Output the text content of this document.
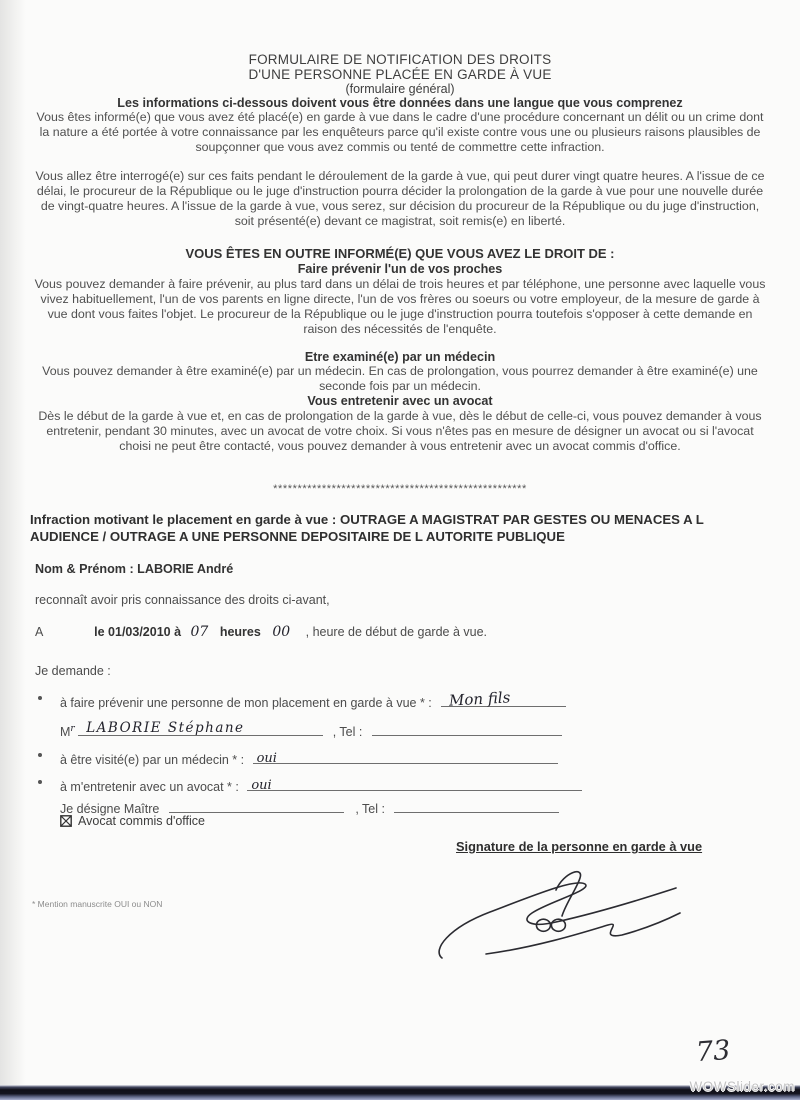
FORMULAIRE DE NOTIFICATION DES DROITS
D'UNE PERSONNE PLACÉE EN GARDE À VUE
(formulaire général)
Les informations ci-dessous doivent vous être données dans une langue que vous comprenez
Vous êtes informé(e) que vous avez été placé(e) en garde à vue dans le cadre d'une procédure concernant un délit ou un crime dont la nature a été portée à votre connaissance par les enquêteurs parce qu'il existe contre vous une ou plusieurs raisons plausibles de soupçonner que vous avez commis ou tenté de commettre cette infraction.
Vous allez être interrogé(e) sur ces faits pendant le déroulement de la garde à vue, qui peut durer vingt quatre heures. A l'issue de ce délai, le procureur de la République ou le juge d'instruction pourra décider la prolongation de la garde à vue pour une nouvelle durée de vingt-quatre heures. A l'issue de la garde à vue, vous serez, sur décision du procureur de la République ou du juge d'instruction, soit présenté(e) devant ce magistrat, soit remis(e) en liberté.
VOUS ÊTES EN OUTRE INFORMÉ(E) QUE VOUS AVEZ LE DROIT DE :
Faire prévenir l'un de vos proches
Vous pouvez demander à faire prévenir, au plus tard dans un délai de trois heures et par téléphone, une personne avec laquelle vous vivez habituellement, l'un de vos parents en ligne directe, l'un de vos frères ou soeurs ou votre employeur, de la mesure de garde à vue dont vous faites l'objet. Le procureur de la République ou le juge d'instruction pourra toutefois s'opposer à cette demande en raison des nécessités de l'enquête.
Etre examiné(e) par un médecin
Vous pouvez demander à être examiné(e) par un médecin. En cas de prolongation, vous pourrez demander à être examiné(e) une seconde fois par un médecin.
Vous entretenir avec un avocat
Dès le début de la garde à vue et, en cas de prolongation de la garde à vue, dès le début de celle-ci, vous pouvez demander à vous entretenir, pendant 30 minutes, avec un avocat de votre choix. Si vous n'êtes pas en mesure de désigner un avocat ou si l'avocat choisi ne peut être contacté, vous pouvez demander à vous entretenir avec un avocat commis d'office.
****************************************************
Infraction motivant le placement en garde à vue : OUTRAGE A MAGISTRAT PAR GESTES OU MENACES A L AUDIENCE / OUTRAGE A UNE PERSONNE DEPOSITAIRE DE L AUTORITE PUBLIQUE
Nom & Prénom : LABORIE André
reconnaît avoir pris connaissance des droits ci-avant,
A	le 01/03/2010 à 07 heures 00 , heure de début de garde à vue.
Je demande :
à faire prévenir une personne de mon placement en garde à vue * : Mon fils
$M^r$ LABORIE Stéphane	, Tel :
à être visité(e) par un médecin * : oui
à m'entretenir avec un avocat * : oui
Je désigne Maître	, Tel :
Avocat commis d'office
Signature de la personne en garde à vue
* Mention manuscrite OUI ou NON
73
WOWSlider.com
